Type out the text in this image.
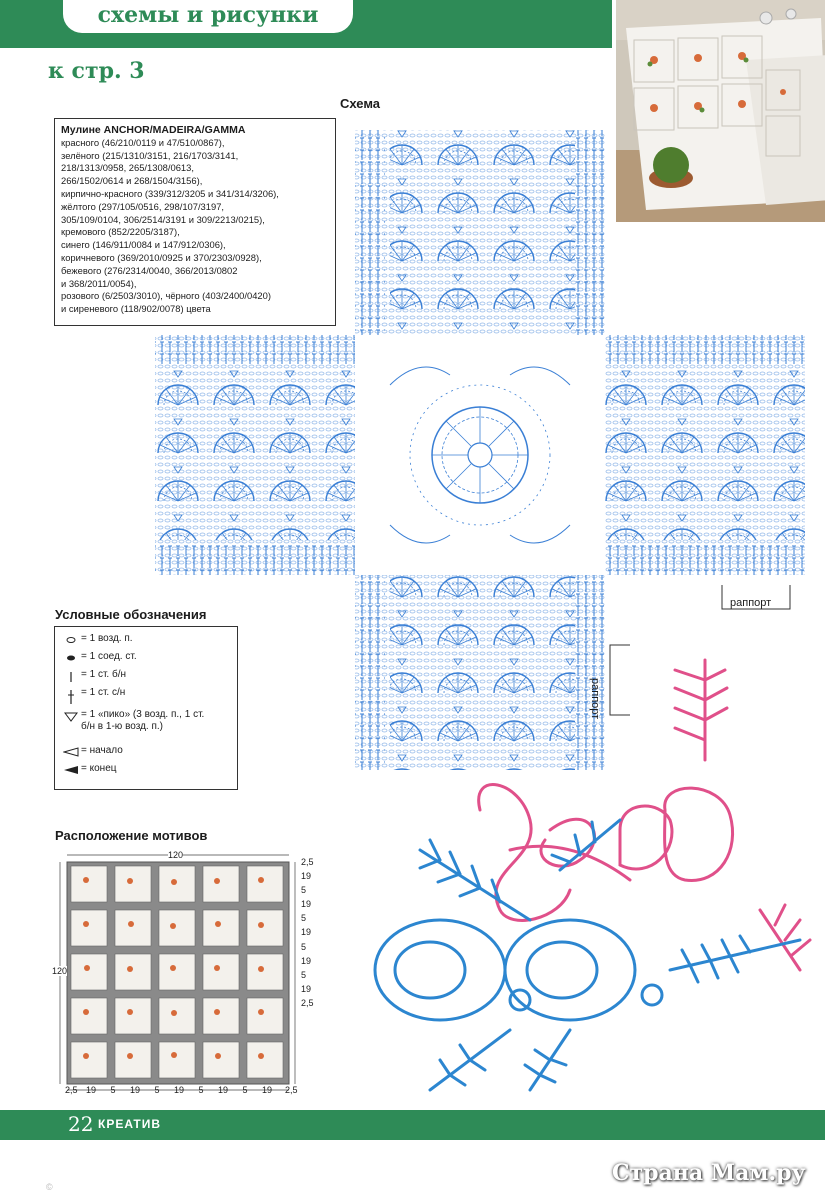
схемы и рисунки
к стр. 3
Схема
Мулине ANCHOR/MADEIRA/GAMMA
красного (46/210/0119 и 47/510/0867),
зелёного (215/1310/3151, 216/1703/3141,
218/1313/0958, 265/1308/0613,
266/1502/0614 и 268/1504/3156),
кирпично-красного (339/312/3205 и 341/314/3206),
жёлтого (297/105/0516, 298/107/3197,
305/109/0104, 306/2514/3191 и 309/2213/0215),
кремового (852/2205/3187),
синего (146/911/0084 и 147/912/0306),
коричневого (369/2010/0925 и 370/2303/0928),
бежевого (276/2314/0040, 366/2013/0802
и 368/2011/0054),
розового (6/2503/3010), чёрного (403/2400/0420)
и сиреневого (118/902/0078) цвета
раппорт
раппорт
Условные обозначения
= 1 возд. п.
= 1 соед. ст.
= 1 ст. б/н
= 1 ст. с/н
= 1 «пико» (3 возд. п., 1 ст.
б/н в 1-ю возд. п.)
= начало
= конец
Расположение мотивов
120
120
2,5
19
5
19
5
19
5
19
5
19
2,5
2,5 19	5	19	5	19	5	19	5	19	2,5
22 КРЕАТИВ
Страна Мам.ру
©
